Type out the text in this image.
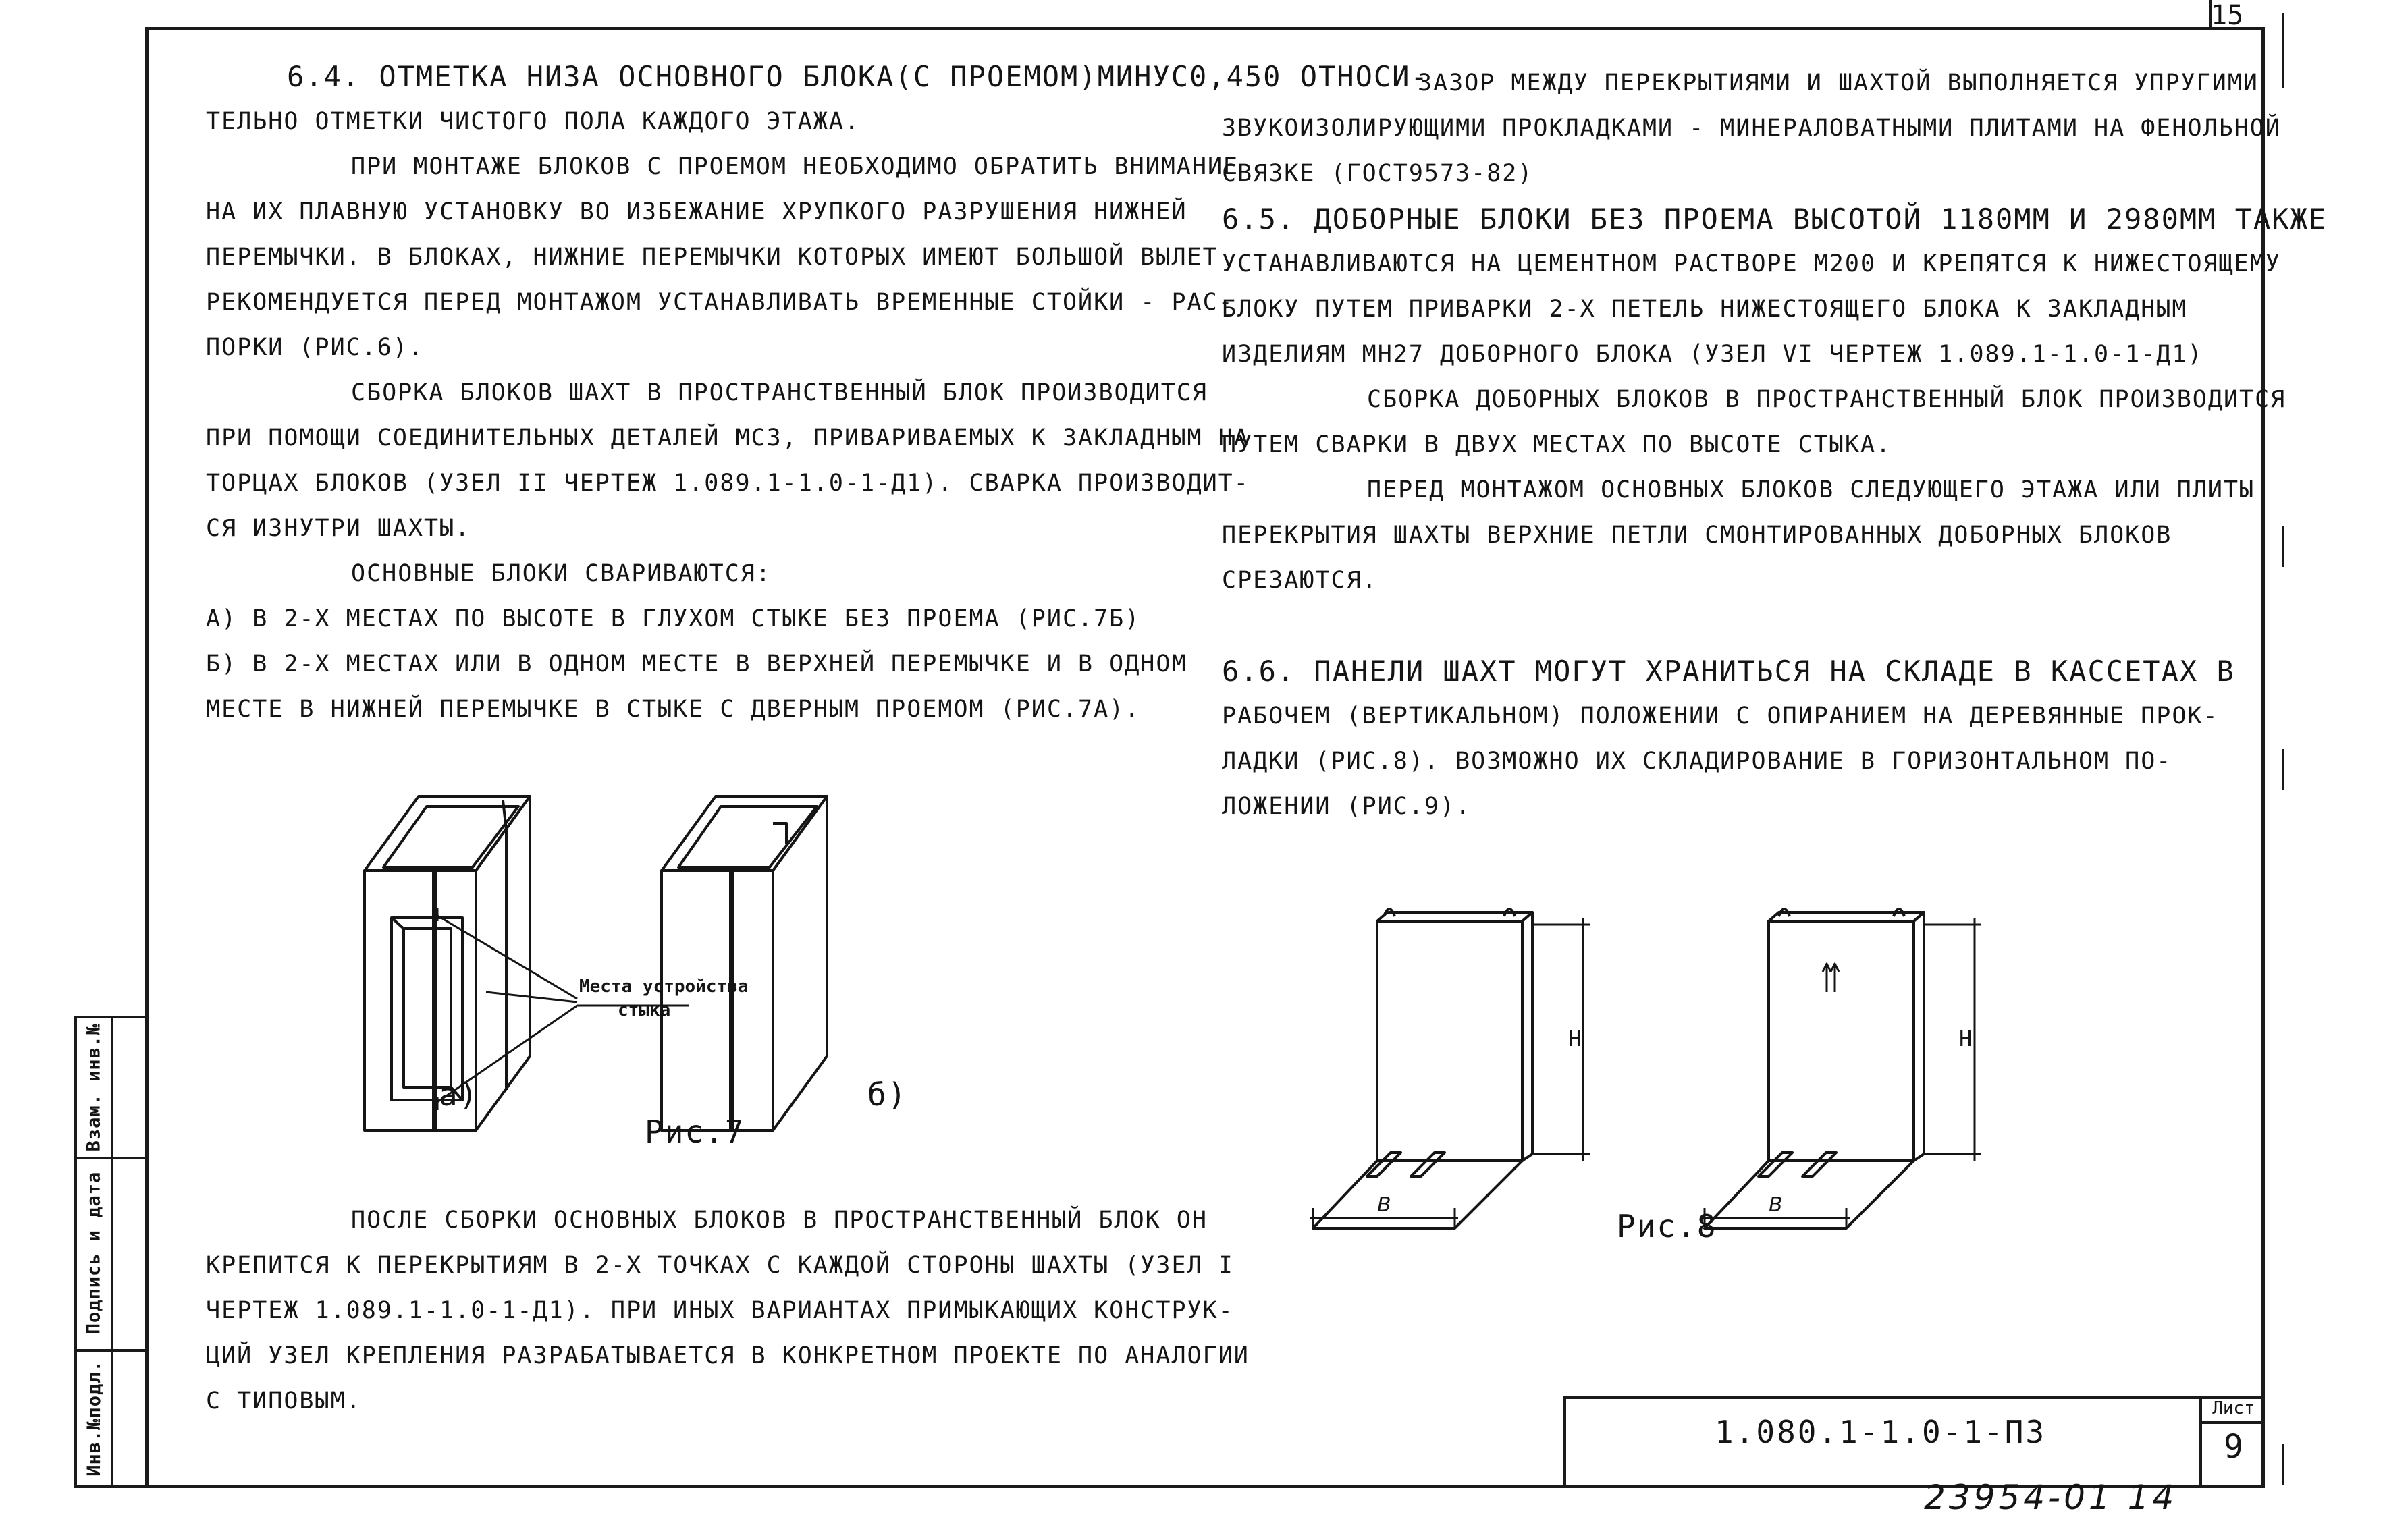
15

6.4. ОТМЕТКА НИЗА ОСНОВНОГО БЛОКА(С ПРОЕМОМ)МИНУС0,450 ОТНОСИ-

ТЕЛЬНО ОТМЕТКИ ЧИСТОГО ПОЛА КАЖДОГО ЭТАЖА.

ПРИ МОНТАЖЕ БЛОКОВ С ПРОЕМОМ НЕОБХОДИМО ОБРАТИТЬ ВНИМАНИЕ

НА ИХ ПЛАВНУЮ УСТАНОВКУ ВО ИЗБЕЖАНИЕ ХРУПКОГО РАЗРУШЕНИЯ НИЖНЕЙ

ПЕРЕМЫЧКИ. В БЛОКАХ, НИЖНИЕ ПЕРЕМЫЧКИ КОТОРЫХ ИМЕЮТ БОЛЬШОЙ ВЫЛЕТ

РЕКОМЕНДУЕТСЯ ПЕРЕД МОНТАЖОМ УСТАНАВЛИВАТЬ ВРЕМЕННЫЕ СТОЙКИ - РАС-

ПОРКИ (РИС.6).

СБОРКА БЛОКОВ ШАХТ В ПРОСТРАНСТВЕННЫЙ БЛОК ПРОИЗВОДИТСЯ

ПРИ ПОМОЩИ СОЕДИНИТЕЛЬНЫХ ДЕТАЛЕЙ МС3, ПРИВАРИВАЕМЫХ К ЗАКЛАДНЫМ НА

ТОРЦАХ БЛОКОВ (УЗЕЛ II ЧЕРТЕЖ 1.089.1-1.0-1-Д1). СВАРКА ПРОИЗВОДИТ-

СЯ ИЗНУТРИ ШАХТЫ.

ОСНОВНЫЕ БЛОКИ СВАРИВАЮТСЯ:

А) В 2-Х МЕСТАХ ПО ВЫСОТЕ В ГЛУХОМ СТЫКЕ БЕЗ ПРОЕМА (РИС.7Б)

Б) В 2-Х МЕСТАХ ИЛИ В ОДНОМ МЕСТЕ В ВЕРХНЕЙ ПЕРЕМЫЧКЕ И В ОДНОМ

МЕСТЕ В НИЖНЕЙ ПЕРЕМЫЧКЕ В СТЫКЕ С ДВЕРНЫМ ПРОЕМОМ (РИС.7А).

Места устройства
стыка
а)	б)
Рис.7

ПОСЛЕ СБОРКИ ОСНОВНЫХ БЛОКОВ В ПРОСТРАНСТВЕННЫЙ БЛОК ОН

КРЕПИТСЯ К ПЕРЕКРЫТИЯМ В 2-Х ТОЧКАХ С КАЖДОЙ СТОРОНЫ ШАХТЫ (УЗЕЛ I

ЧЕРТЕЖ 1.089.1-1.0-1-Д1). ПРИ ИНЫХ ВАРИАНТАХ ПРИМЫКАЮЩИХ КОНСТРУК-

ЦИЙ УЗЕЛ КРЕПЛЕНИЯ РАЗРАБАТЫВАЕТСЯ В КОНКРЕТНОМ ПРОЕКТЕ ПО АНАЛОГИИ

С ТИПОВЫМ.

ЗАЗОР МЕЖДУ ПЕРЕКРЫТИЯМИ И ШАХТОЙ ВЫПОЛНЯЕТСЯ УПРУГИМИ

ЗВУКОИЗОЛИРУЮЩИМИ ПРОКЛАДКАМИ - МИНЕРАЛОВАТНЫМИ ПЛИТАМИ НА ФЕНОЛЬНОЙ

СВЯЗКЕ (ГОСТ9573-82)

6.5. ДОБОРНЫЕ БЛОКИ БЕЗ ПРОЕМА ВЫСОТОЙ 1180ММ И 2980ММ ТАКЖЕ

УСТАНАВЛИВАЮТСЯ НА ЦЕМЕНТНОМ РАСТВОРЕ М200 И КРЕПЯТСЯ К НИЖЕСТОЯЩЕМУ

БЛОКУ ПУТЕМ ПРИВАРКИ 2-Х ПЕТЕЛЬ НИЖЕСТОЯЩЕГО БЛОКА К ЗАКЛАДНЫМ

ИЗДЕЛИЯМ МН27 ДОБОРНОГО БЛОКА (УЗЕЛ VI ЧЕРТЕЖ 1.089.1-1.0-1-Д1)

СБОРКА ДОБОРНЫХ БЛОКОВ В ПРОСТРАНСТВЕННЫЙ БЛОК ПРОИЗВОДИТСЯ

ПУТЕМ СВАРКИ В ДВУХ МЕСТАХ ПО ВЫСОТЕ СТЫКА.

ПЕРЕД МОНТАЖОМ ОСНОВНЫХ БЛОКОВ СЛЕДУЮЩЕГО ЭТАЖА ИЛИ ПЛИТЫ

ПЕРЕКРЫТИЯ ШАХТЫ ВЕРХНИЕ ПЕТЛИ СМОНТИРОВАННЫХ ДОБОРНЫХ БЛОКОВ

СРЕЗАЮТСЯ.

6.6. ПАНЕЛИ ШАХТ МОГУТ ХРАНИТЬСЯ НА СКЛАДЕ В КАССЕТАХ В

РАБОЧЕМ (ВЕРТИКАЛЬНОМ) ПОЛОЖЕНИИ С ОПИРАНИЕМ НА ДЕРЕВЯННЫЕ ПРОК-

ЛАДКИ (РИС.8). ВОЗМОЖНО ИХ СКЛАДИРОВАНИЕ В ГОРИЗОНТАЛЬНОМ ПО-

ЛОЖЕНИИ (РИС.9).

Н	Н
В	В
Рис.8
Взам. инв.№
Подпись и дата
Инв.№подл.	1.080.1-1.0-1-ПЗ
Лист
9
23954-01 14
